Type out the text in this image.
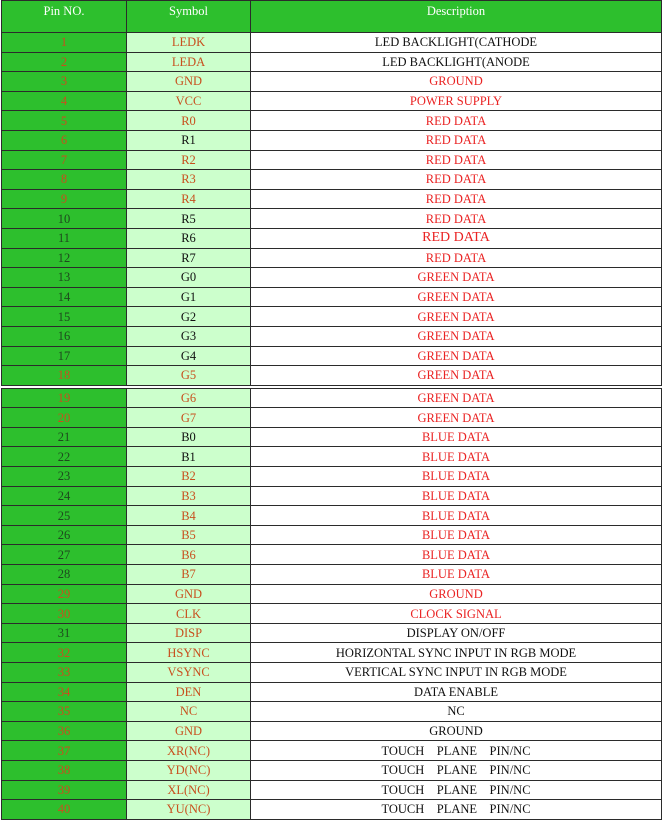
Pin NO.	Symbol	Description
1	LEDK	LED BACKLIGHT(CATHODE
2	LEDA	LED BACKLIGHT(ANODE
3	GND	GROUND
4	VCC	POWER SUPPLY
5	R0	RED DATA
6	R1	RED DATA
7	R2	RED DATA
8	R3	RED DATA
9	R4	RED DATA
10	R5	RED DATA
11	R6	RED DATA
12	R7	RED DATA
13	G0	GREEN DATA
14	G1	GREEN DATA
15	G2	GREEN DATA
16	G3	GREEN DATA
17	G4	GREEN DATA
18	G5	GREEN DATA

19	G6	GREEN DATA
20	G7	GREEN DATA
21	B0	BLUE DATA
22	B1	BLUE DATA
23	B2	BLUE DATA
24	B3	BLUE DATA
25	B4	BLUE DATA
26	B5	BLUE DATA
27	B6	BLUE DATA
28	B7	BLUE DATA
29	GND	GROUND
30	CLK	CLOCK SIGNAL
31	DISP	DISPLAY ON/OFF
32	HSYNC	HORIZONTAL SYNC INPUT IN RGB MODE
33	VSYNC	VERTICAL SYNC INPUT IN RGB MODE
34	DEN	DATA ENABLE
35	NC	NC
36	GND	GROUND
37	XR(NC)	TOUCH    PLANE    PIN/NC
38	YD(NC)	TOUCH    PLANE    PIN/NC
39	XL(NC)	TOUCH    PLANE    PIN/NC
40	YU(NC)	TOUCH    PLANE    PIN/NC
